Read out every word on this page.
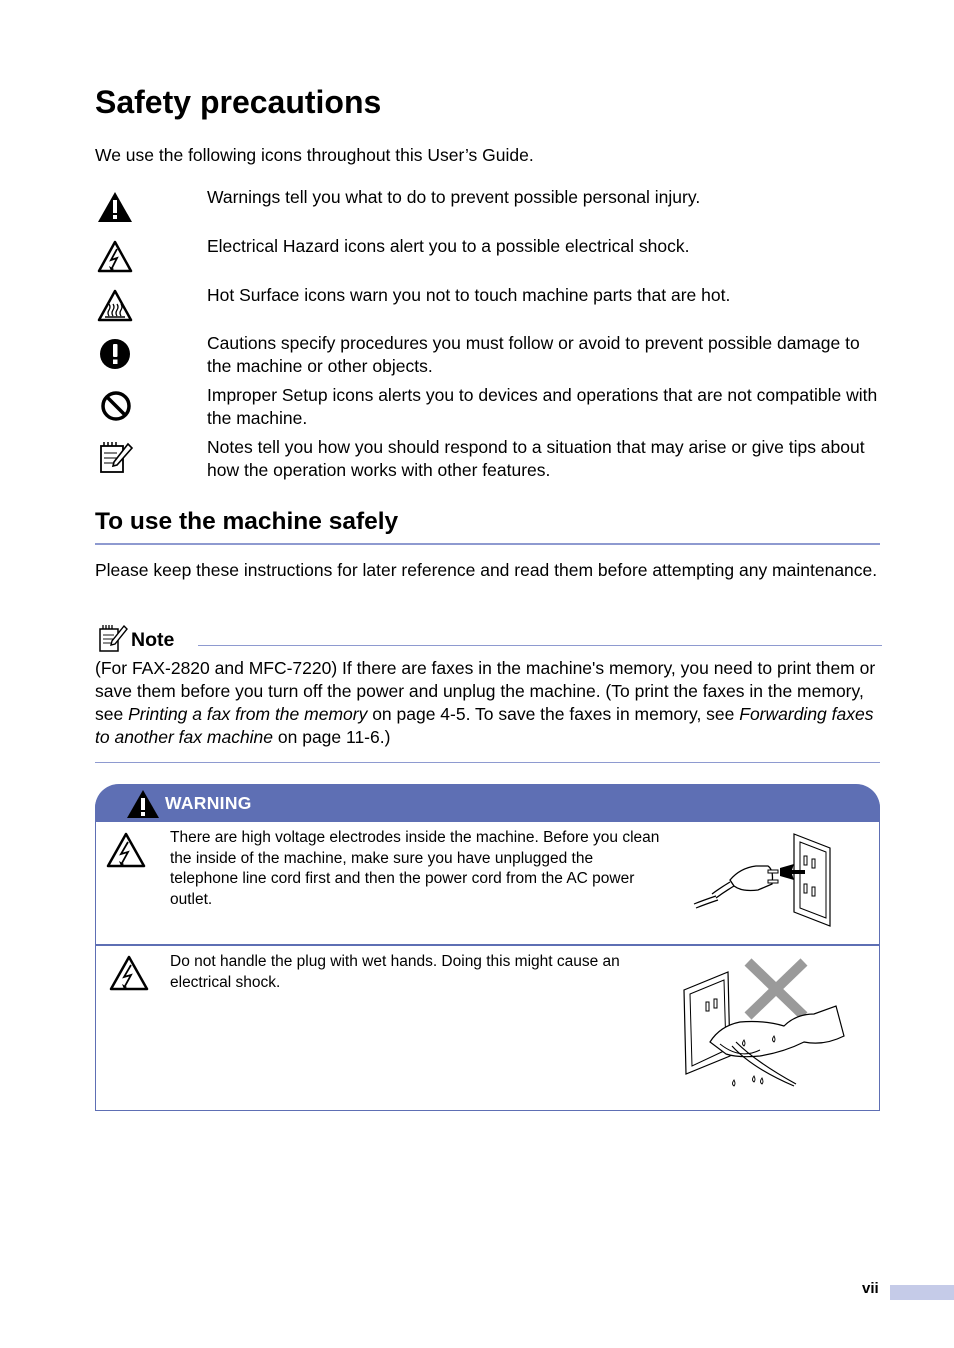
Safety precautions
We use the following icons throughout this User’s Guide.
Warnings tell you what to do to prevent possible personal injury.
Electrical Hazard icons alert you to a possible electrical shock.
Hot Surface icons warn you not to touch machine parts that are hot.
Cautions specify procedures you must follow or avoid to prevent possible damage to the machine or other objects.
Improper Setup icons alerts you to devices and operations that are not compatible with the machine.
Notes tell you how you should respond to a situation that may arise or give tips about how the operation works with other features.
To use the machine safely
Please keep these instructions for later reference and read them before attempting any maintenance.
Note
(For FAX-2820 and MFC-7220) If there are faxes in the machine's memory, you need to print them or save them before you turn off the power and unplug the machine. (To print the faxes in the memory, see Printing a fax from the memory on page 4-5. To save the faxes in memory, see Forwarding faxes to another fax machine on page 11-6.)
WARNING
There are high voltage electrodes inside the machine. Before you clean the inside of the machine, make sure you have unplugged the telephone line cord first and then the power cord from the AC power outlet.
Do not handle the plug with wet hands. Doing this might cause an electrical shock.
vii
